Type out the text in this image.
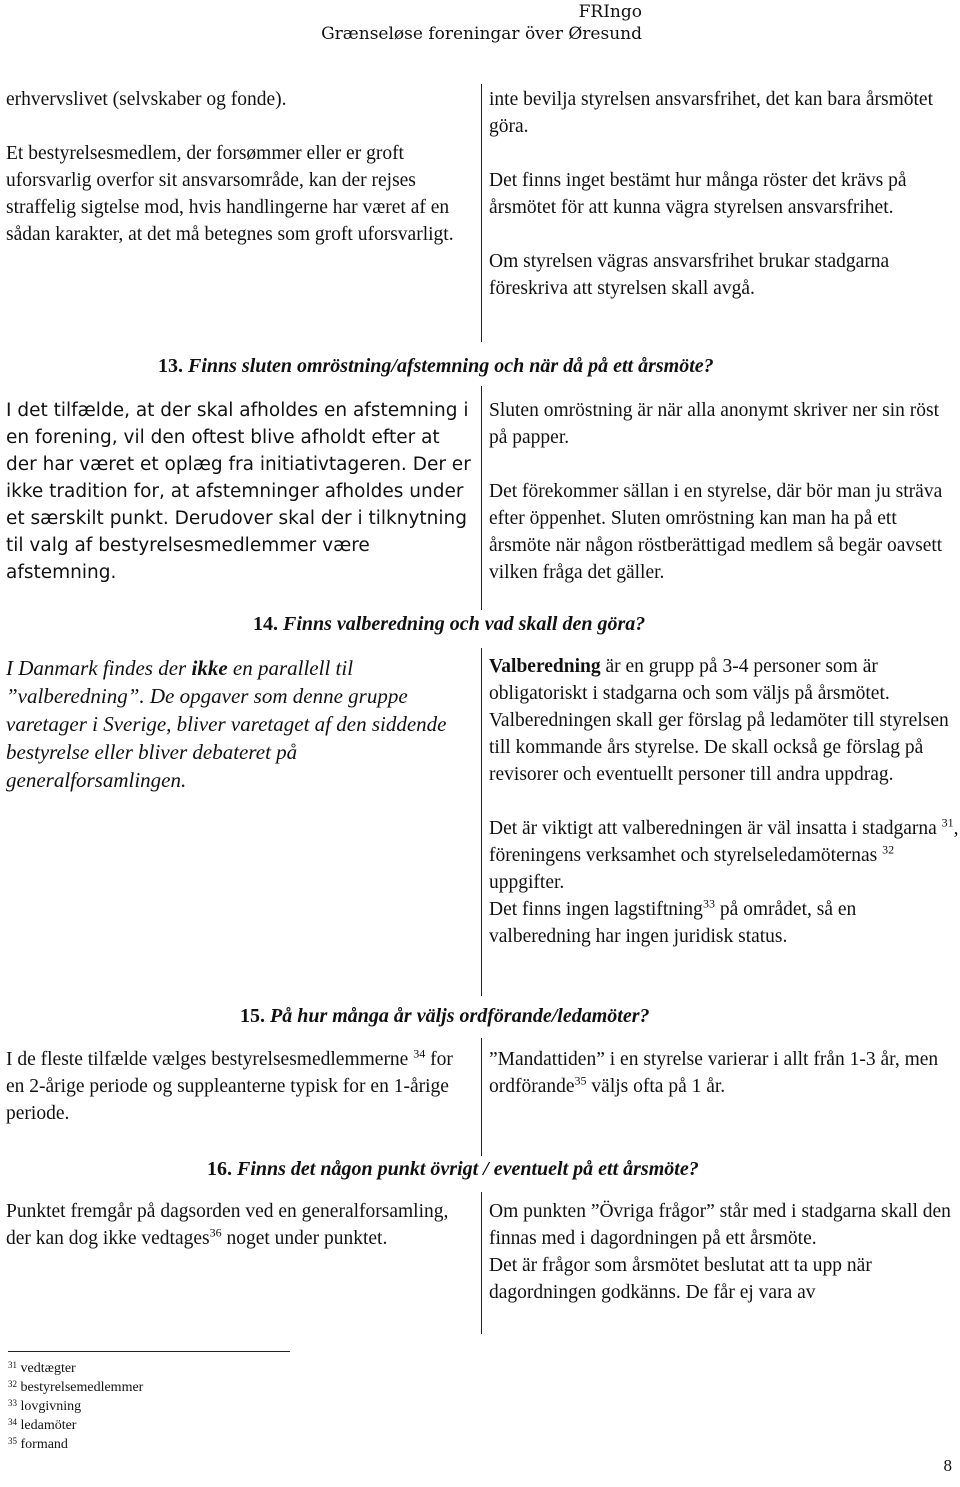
FRIngo
Grænseløse foreningar över Øresund

erhvervslivet (selvskaber og fonde).

Et bestyrelsesmedlem, der forsømmer eller er groft uforsvarlig overfor sit ansvarsområde, kan der rejses straffelig sigtelse mod, hvis handlingerne har været af en sådan karakter, at det må betegnes som groft uforsvarligt.

inte bevilja styrelsen ansvarsfrihet, det kan bara årsmötet göra.

Det finns inget bestämt hur många röster det krävs på årsmötet för att kunna vägra styrelsen ansvarsfrihet.

Om styrelsen vägras ansvarsfrihet brukar stadgarna föreskriva att styrelsen skall avgå.

13. Finns sluten omröstning/afstemning och när då på ett årsmöte?

I det tilfælde, at der skal afholdes en afstemning i en forening, vil den oftest blive afholdt efter at der har været et oplæg fra initiativtageren. Der er ikke tradition for, at afstemninger afholdes under et særskilt punkt. Derudover skal der i tilknytning til valg af bestyrelsesmedlemmer være afstemning.

Sluten omröstning är när alla anonymt skriver ner sin röst på papper.

Det förekommer sällan i en styrelse, där bör man ju sträva efter öppenhet. Sluten omröstning kan man ha på ett årsmöte när någon röstberättigad medlem så begär oavsett vilken fråga det gäller.

14. Finns valberedning och vad skall den göra?

I Danmark findes der ikke en parallell til ”valberedning”. De opgaver som denne gruppe varetager i Sverige, bliver varetaget af den siddende bestyrelse eller bliver debateret på generalforsamlingen.

Valberedning är en grupp på 3-4 personer som är obligatoriskt i stadgarna och som väljs på årsmötet. Valberedningen skall ger förslag på ledamöter till styrelsen till kommande års styrelse. De skall också ge förslag på revisorer och eventuellt personer till andra uppdrag.

Det är viktigt att valberedningen är väl insatta i stadgarna $^{31}$, föreningens verksamhet och styrelseledamöternas $^{32}$ uppgifter.

Det finns ingen lagstiftning$^{33}$ på området, så en valberedning har ingen juridisk status.

15. På hur många år väljs ordförande/ledamöter?

I de fleste tilfælde vælges bestyrelsesmedlemmerne $^{34}$ for en 2-årige periode og suppleanterne typisk for en 1-årige periode.

”Mandattiden” i en styrelse varierar i allt från 1-3 år, men ordförande$^{35}$ väljs ofta på 1 år.

16. Finns det någon punkt övrigt / eventuelt på ett årsmöte?

Punktet fremgår på dagsorden ved en generalforsamling, der kan dog ikke vedtages$^{36}$ noget under punktet.

Om punkten ”Övriga frågor” står med i stadgarna skall den finnas med i dagordningen på ett årsmöte.

Det är frågor som årsmötet beslutat att ta upp när dagordningen godkänns. De får ej vara av

$^{31}$ vedtægter

$^{32}$ bestyrelsemedlemmer

$^{33}$ lovgivning

$^{34}$ ledamöter

$^{35}$ formand

8
